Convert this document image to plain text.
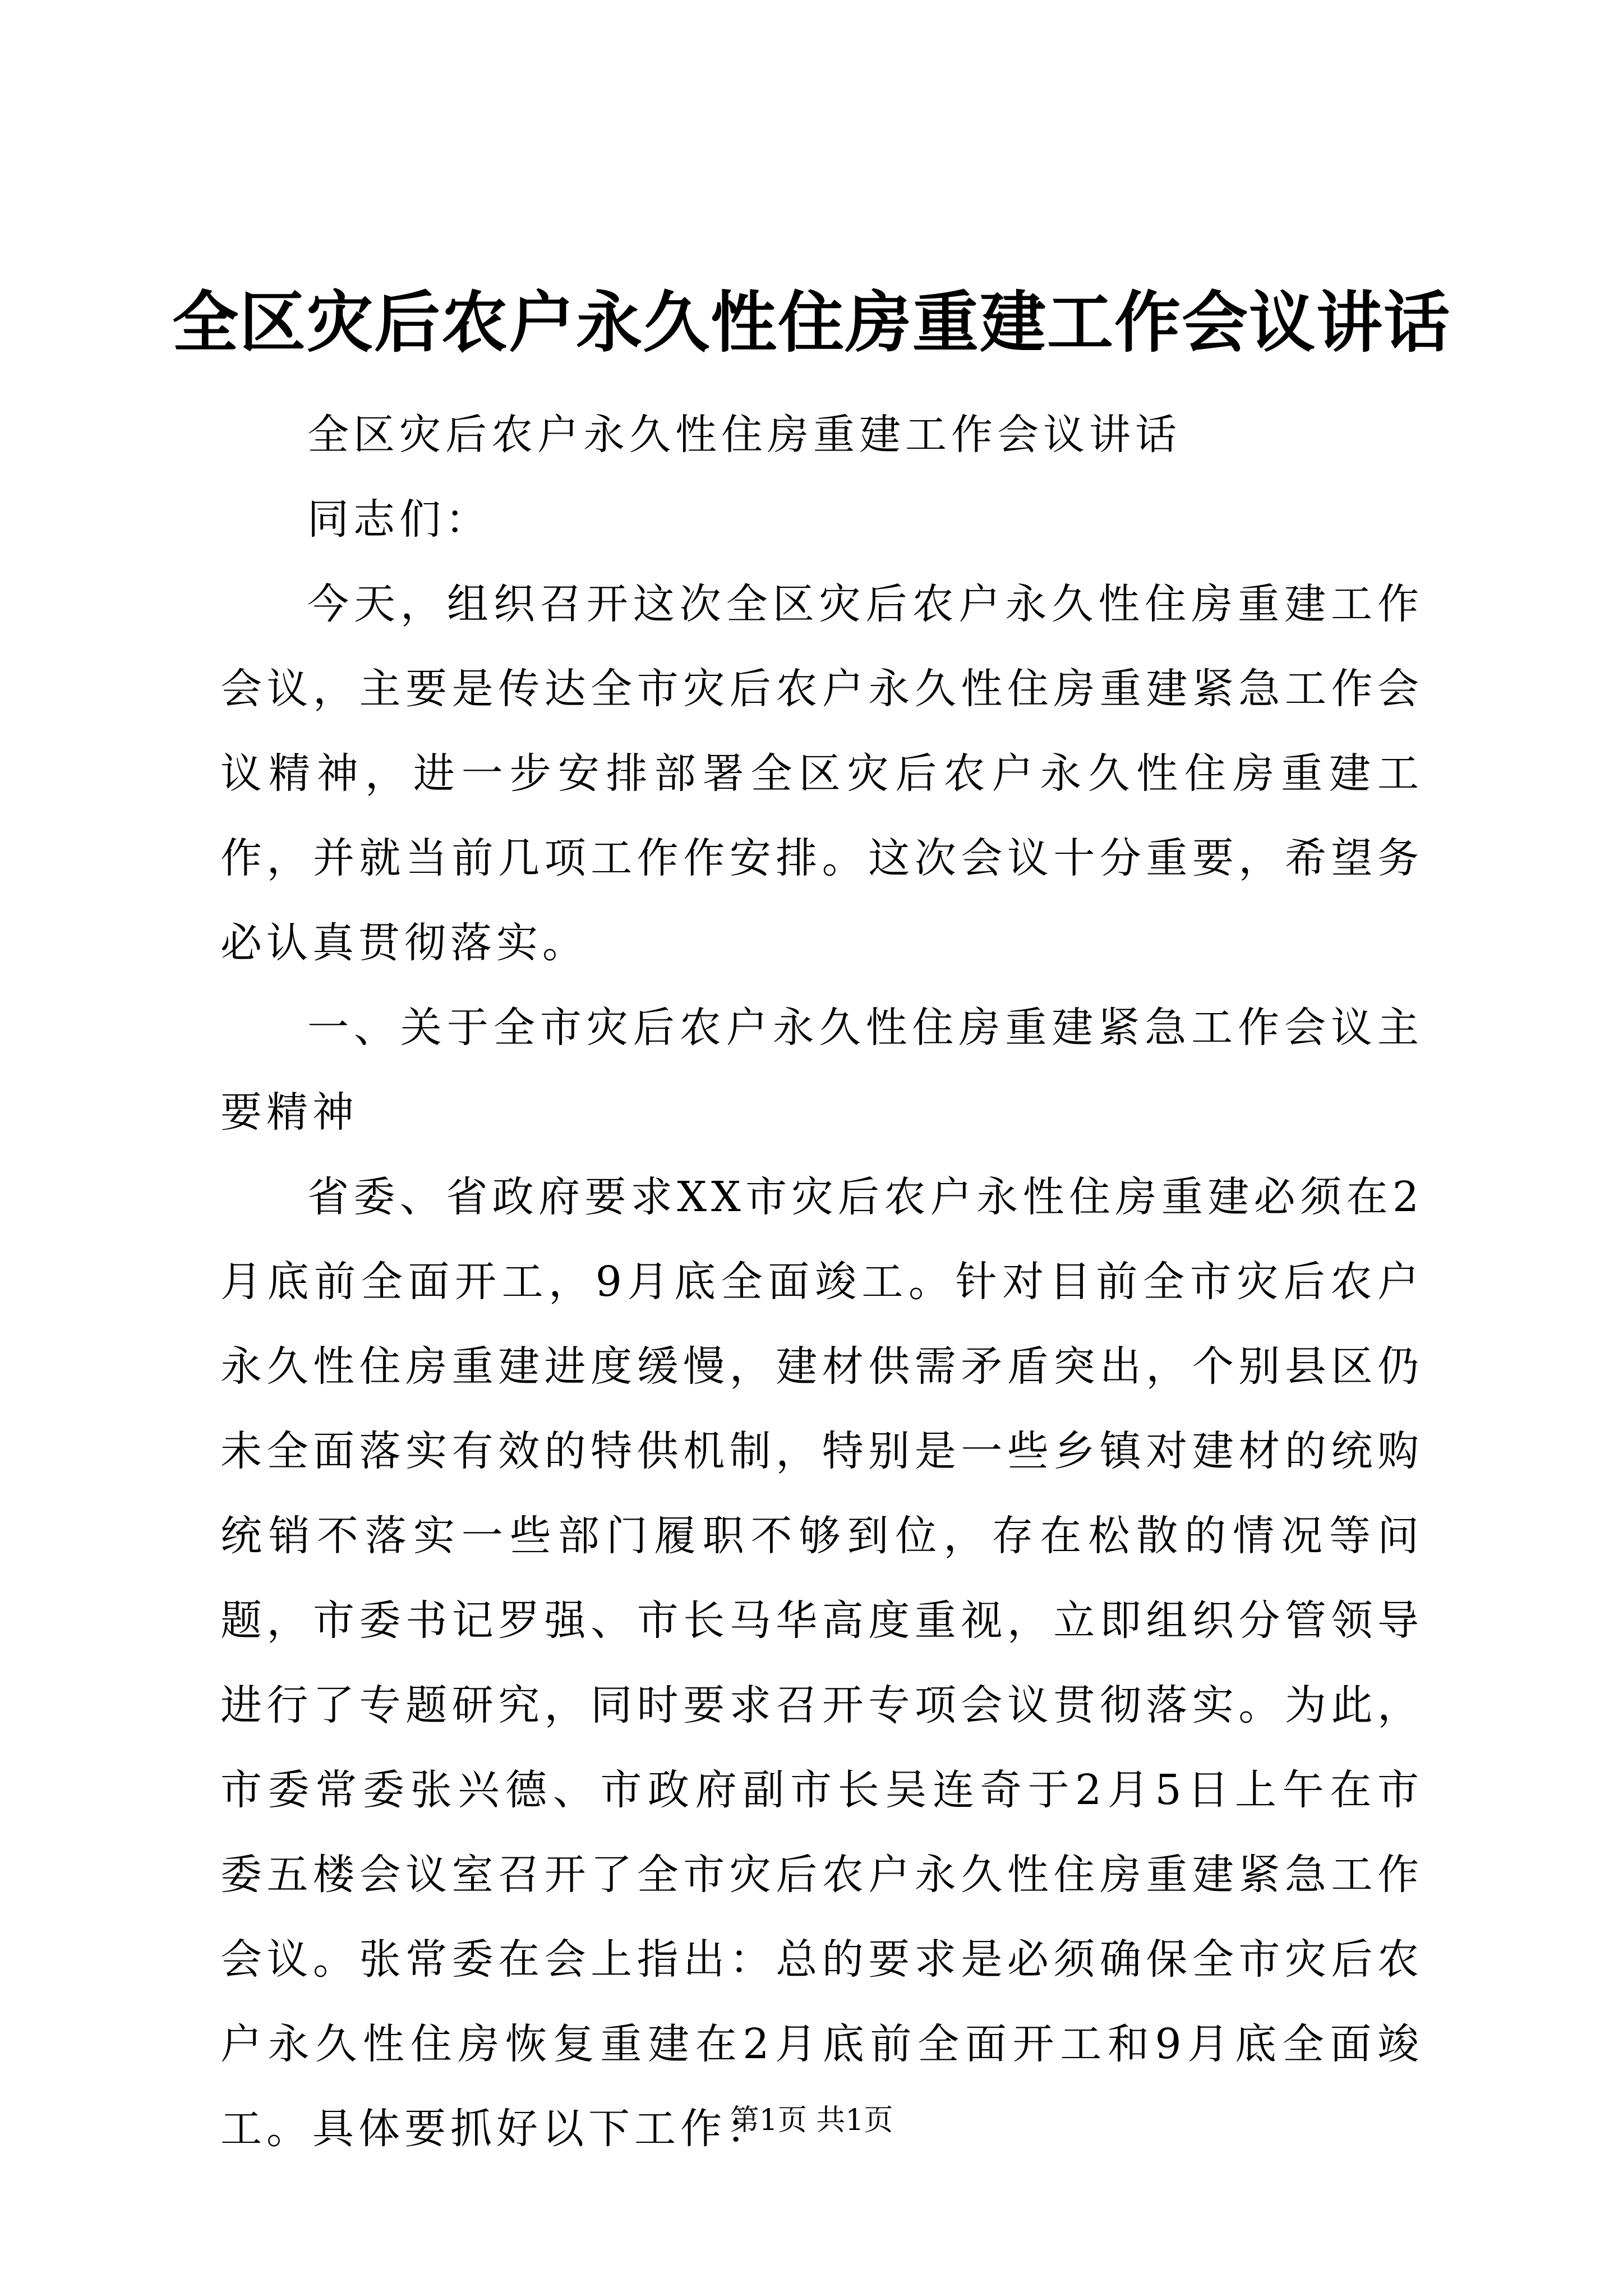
全区灾后农户永久性住房重建工作会议讲话

全区灾后农户永久性住房重建工作会议讲话

同志们：

今天，组织召开这次全区灾后农户永久性住房重建工作会议，主要是传达全市灾后农户永久性住房重建紧急工作会议精神，进一步安排部署全区灾后农户永久性住房重建工作，并就当前几项工作作安排。这次会议十分重要，希望务必认真贯彻落实。

一、关于全市灾后农户永久性住房重建紧急工作会议主要精神

省委、省政府要求XX市灾后农户永性住房重建必须在2月底前全面开工，9月底全面竣工。针对目前全市灾后农户永久性住房重建进度缓慢，建材供需矛盾突出，个别县区仍未全面落实有效的特供机制，特别是一些乡镇对建材的统购统销不落实一些部门履职不够到位，存在松散的情况等问题，市委书记罗强、市长马华高度重视，立即组织分管领导进行了专题研究，同时要求召开专项会议贯彻落实。为此，市委常委张兴德、市政府副市长吴连奇于2月5日上午在市委五楼会议室召开了全市灾后农户永久性住房重建紧急工作会议。张常委在会上指出：总的要求是必须确保全市灾后农户永久性住房恢复重建在2月底前全面开工和9月底全面竣工。具体要抓好以下工作：

第1页 共1页
